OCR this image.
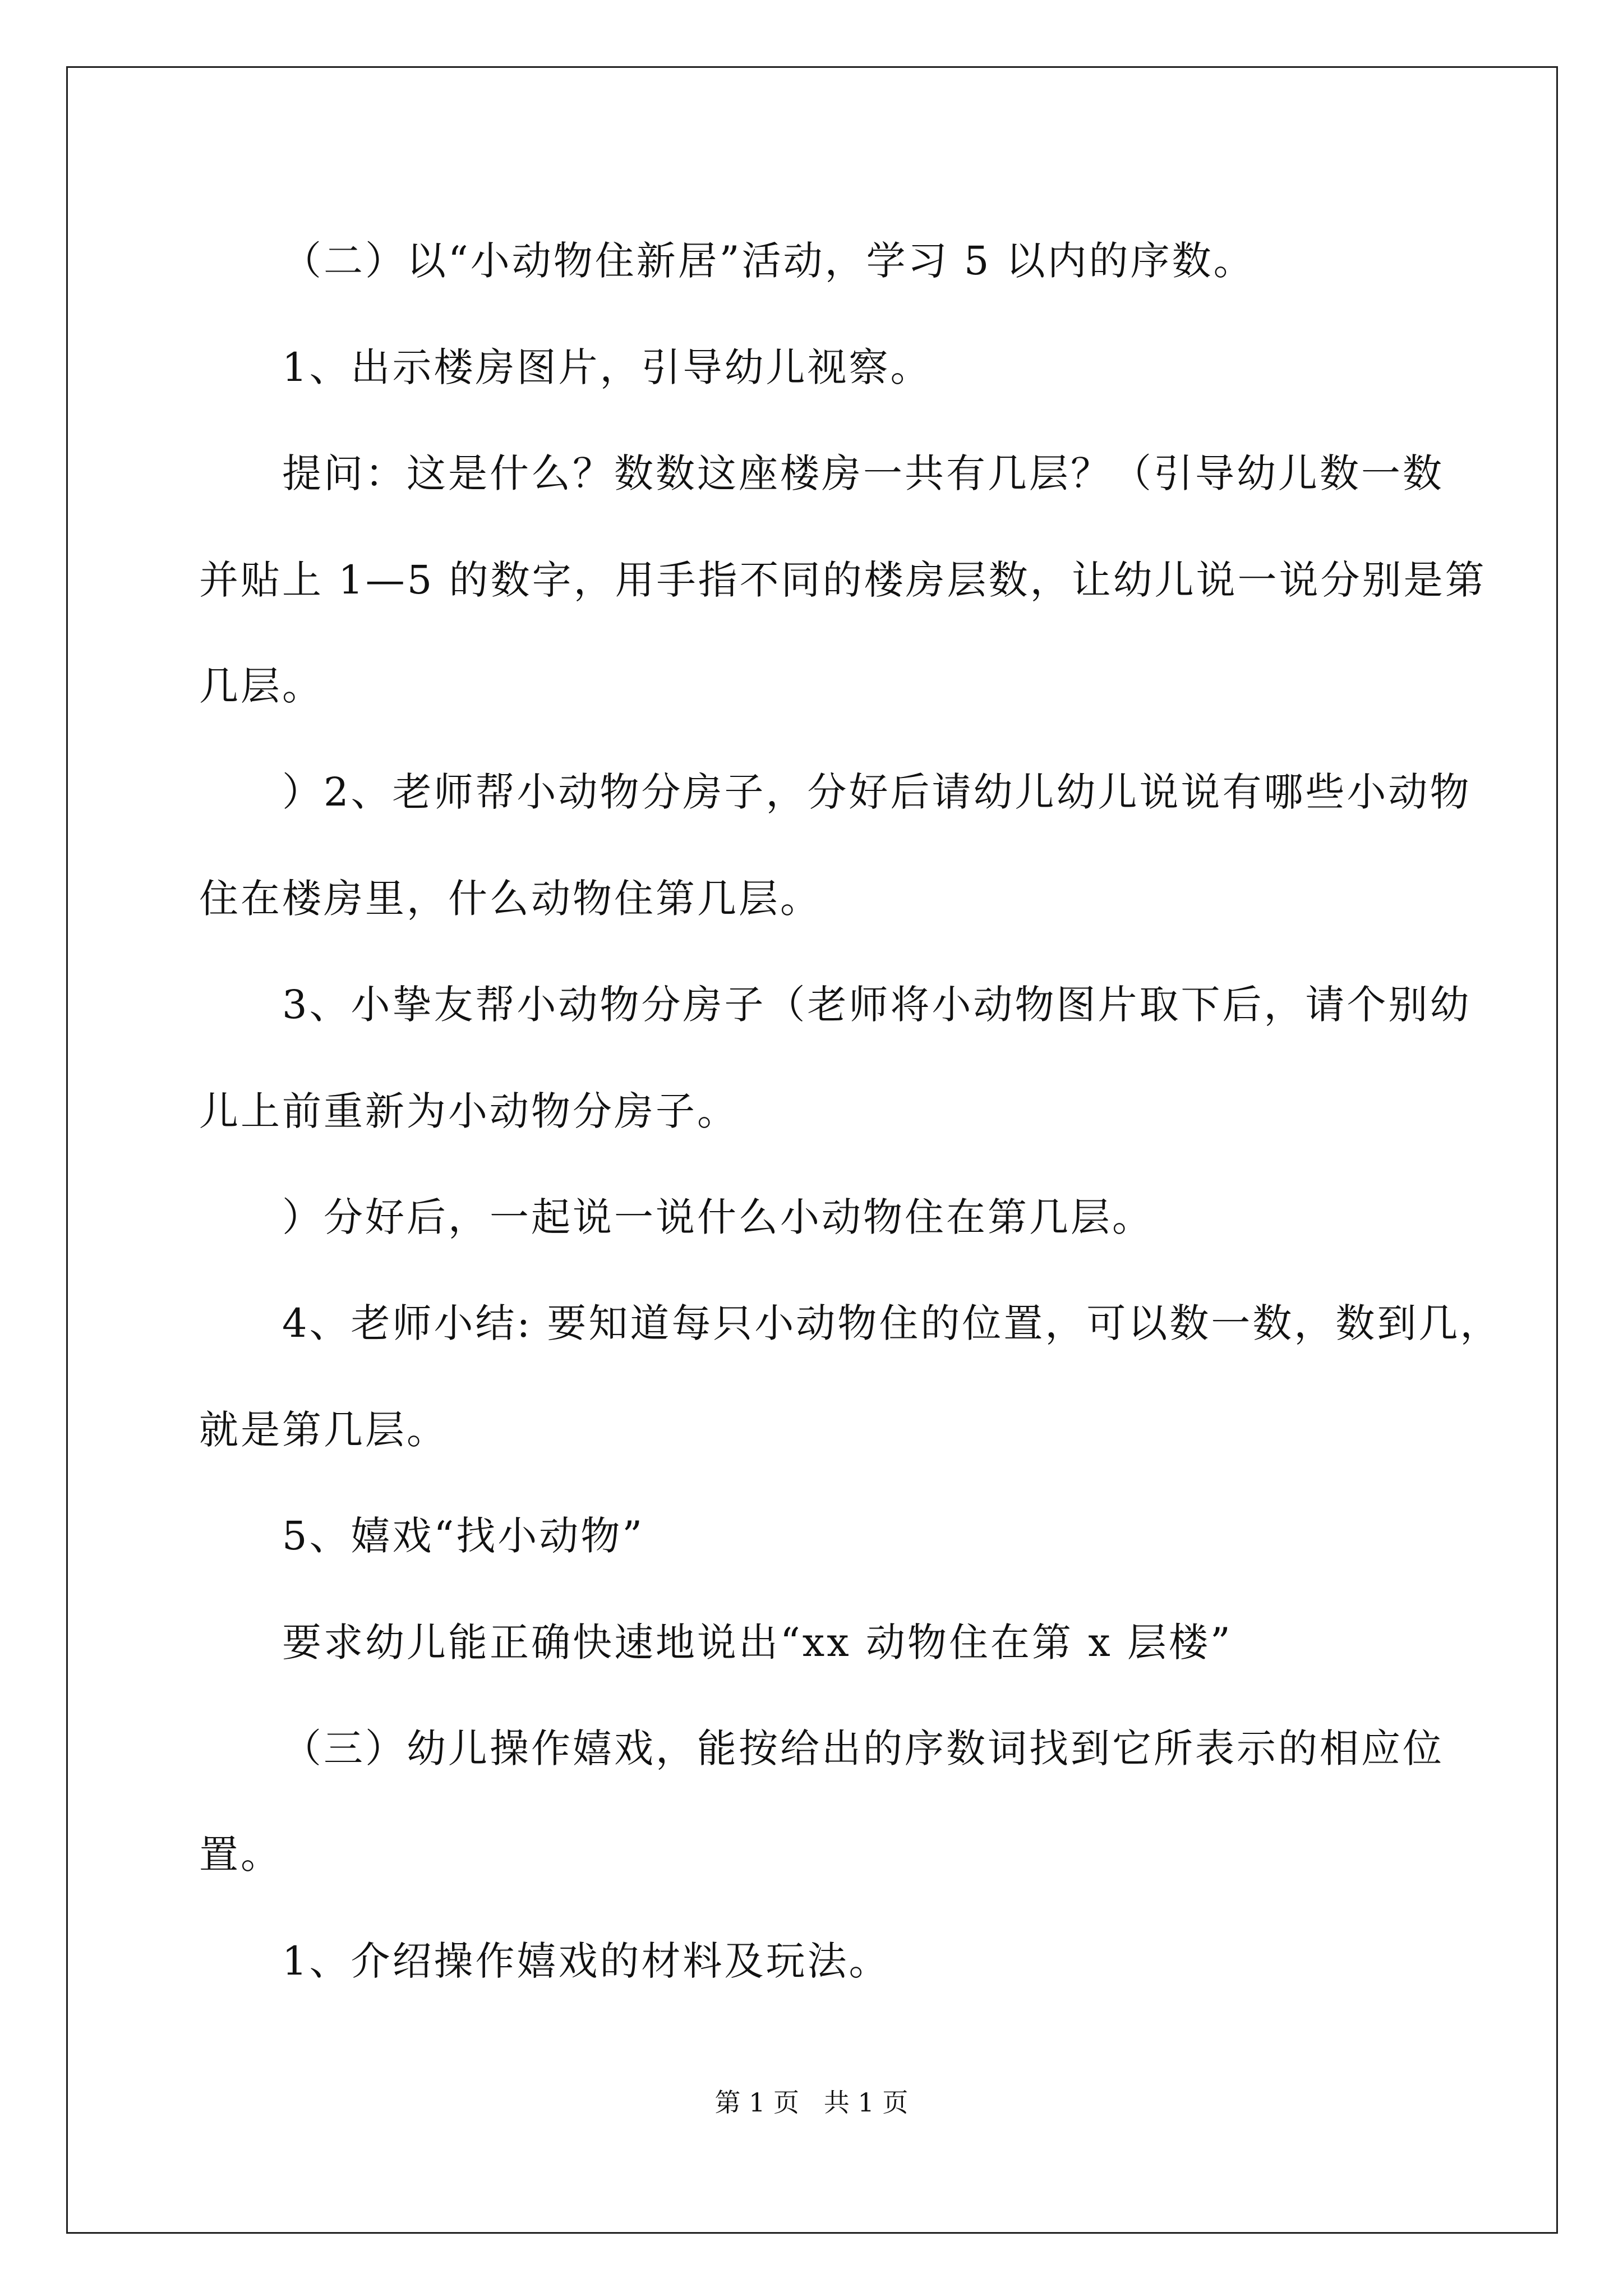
（二）以“小动物住新居”活动，学习 5 以内的序数。
1、出示楼房图片，引导幼儿视察。
提问：这是什么？数数这座楼房一共有几层？（引导幼儿数一数
并贴上 1—5 的数字，用手指不同的楼房层数，让幼儿说一说分别是第
几层。
）2、老师帮小动物分房子，分好后请幼儿幼儿说说有哪些小动物
住在楼房里，什么动物住第几层。
3、小挚友帮小动物分房子（老师将小动物图片取下后，请个别幼
儿上前重新为小动物分房子。
）分好后，一起说一说什么小动物住在第几层。
4、老师小结: 要知道每只小动物住的位置，可以数一数，数到几，
就是第几层。
5、嬉戏“找小动物”
要求幼儿能正确快速地说出“xx 动物住在第 x 层楼”
（三）幼儿操作嬉戏，能按给出的序数词找到它所表示的相应位
置。
1、介绍操作嬉戏的材料及玩法。
第 1 页   共 1 页
